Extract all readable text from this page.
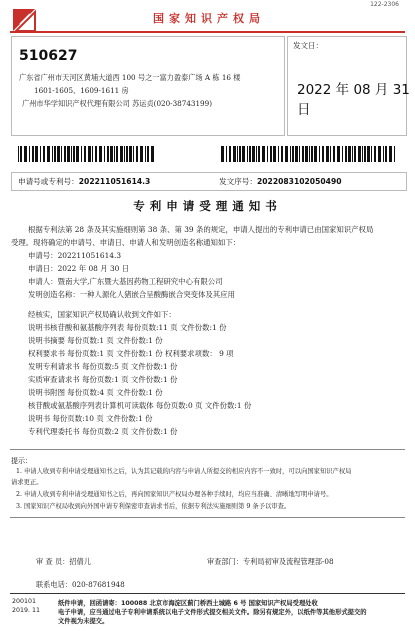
122-2306
国家知识产权局
510627
广东省广州市天河区黄埔大道西 100 号之一富力盈泰广场 A 栋 16 楼
1601-1605、1609-1611 房
广州市华学知识产权代理有限公司 苏运贞(020-38743199)
发文日：
2022 年 08 月 31 日
申请号或专利号：202211051614.3	发文序号：2022083102050490
专利申请受理通知书
根据专利法第 28 条及其实施细则第 38 条、第 39 条的规定，申请人提出的专利申请已由国家知识产权局
受理。现将确定的申请号、申请日、申请人和发明创造名称通知如下：
申请号：202211051614.3
申请日：2022 年 08 月 30 日
申请人：暨南大学,广东暨大基因药物工程研究中心有限公司
发明创造名称：一种人源化人猪嵌合呈酸酶嵌合突变体及其应用
经核实，国家知识产权局确认收到文件如下：
说明书核苷酸和氨基酸序列表 每份页数:11 页 文件份数:1 份
说明书摘要 每份页数:1 页 文件份数:1 份
权利要求书 每份页数:1 页 文件份数:1 份 权利要求项数： 9 项
发明专利请求书 每份页数:5 页 文件份数:1 份
实质审查请求书 每份页数:1 页 文件份数:1 份
说明书附图 每份页数:4 页 文件份数:1 份
核苷酸或氨基酸序列表计算机可读载体 每份页数:0 页 文件份数:1 份
说明书 每份页数:10 页 文件份数:1 份
专利代理委托书 每份页数:2 页 文件份数:1 份
提示：
1. 申请人收到专利申请受理通知书之后，认为其记载的内容与申请人所提交的相应内容不一致时，可以向国家知识产权局
请求更正。
2. 申请人收到专利申请受理通知书之后，再向国家知识产权局办理各种手续时，均应当准确、清晰地写明申请号。
3. 国家知识产权局收到向外国申请专利保密审查请求书后，依据专利法实施细则第 9 条予以审查。
审 查 员：招倩儿	审查部门：专利局初审及流程管理部-08
联系电话：020-87681948
200101
2019. 11
纸件申请，回函请寄：100088 北京市海淀区蓟门桥西土城路 6 号 国家知识产权局受理处收
电子申请，应当通过电子专利申请系统以电子文件形式提交相关文件。除另有规定外，以纸件等其他形式提交的
文件视为未提交。
